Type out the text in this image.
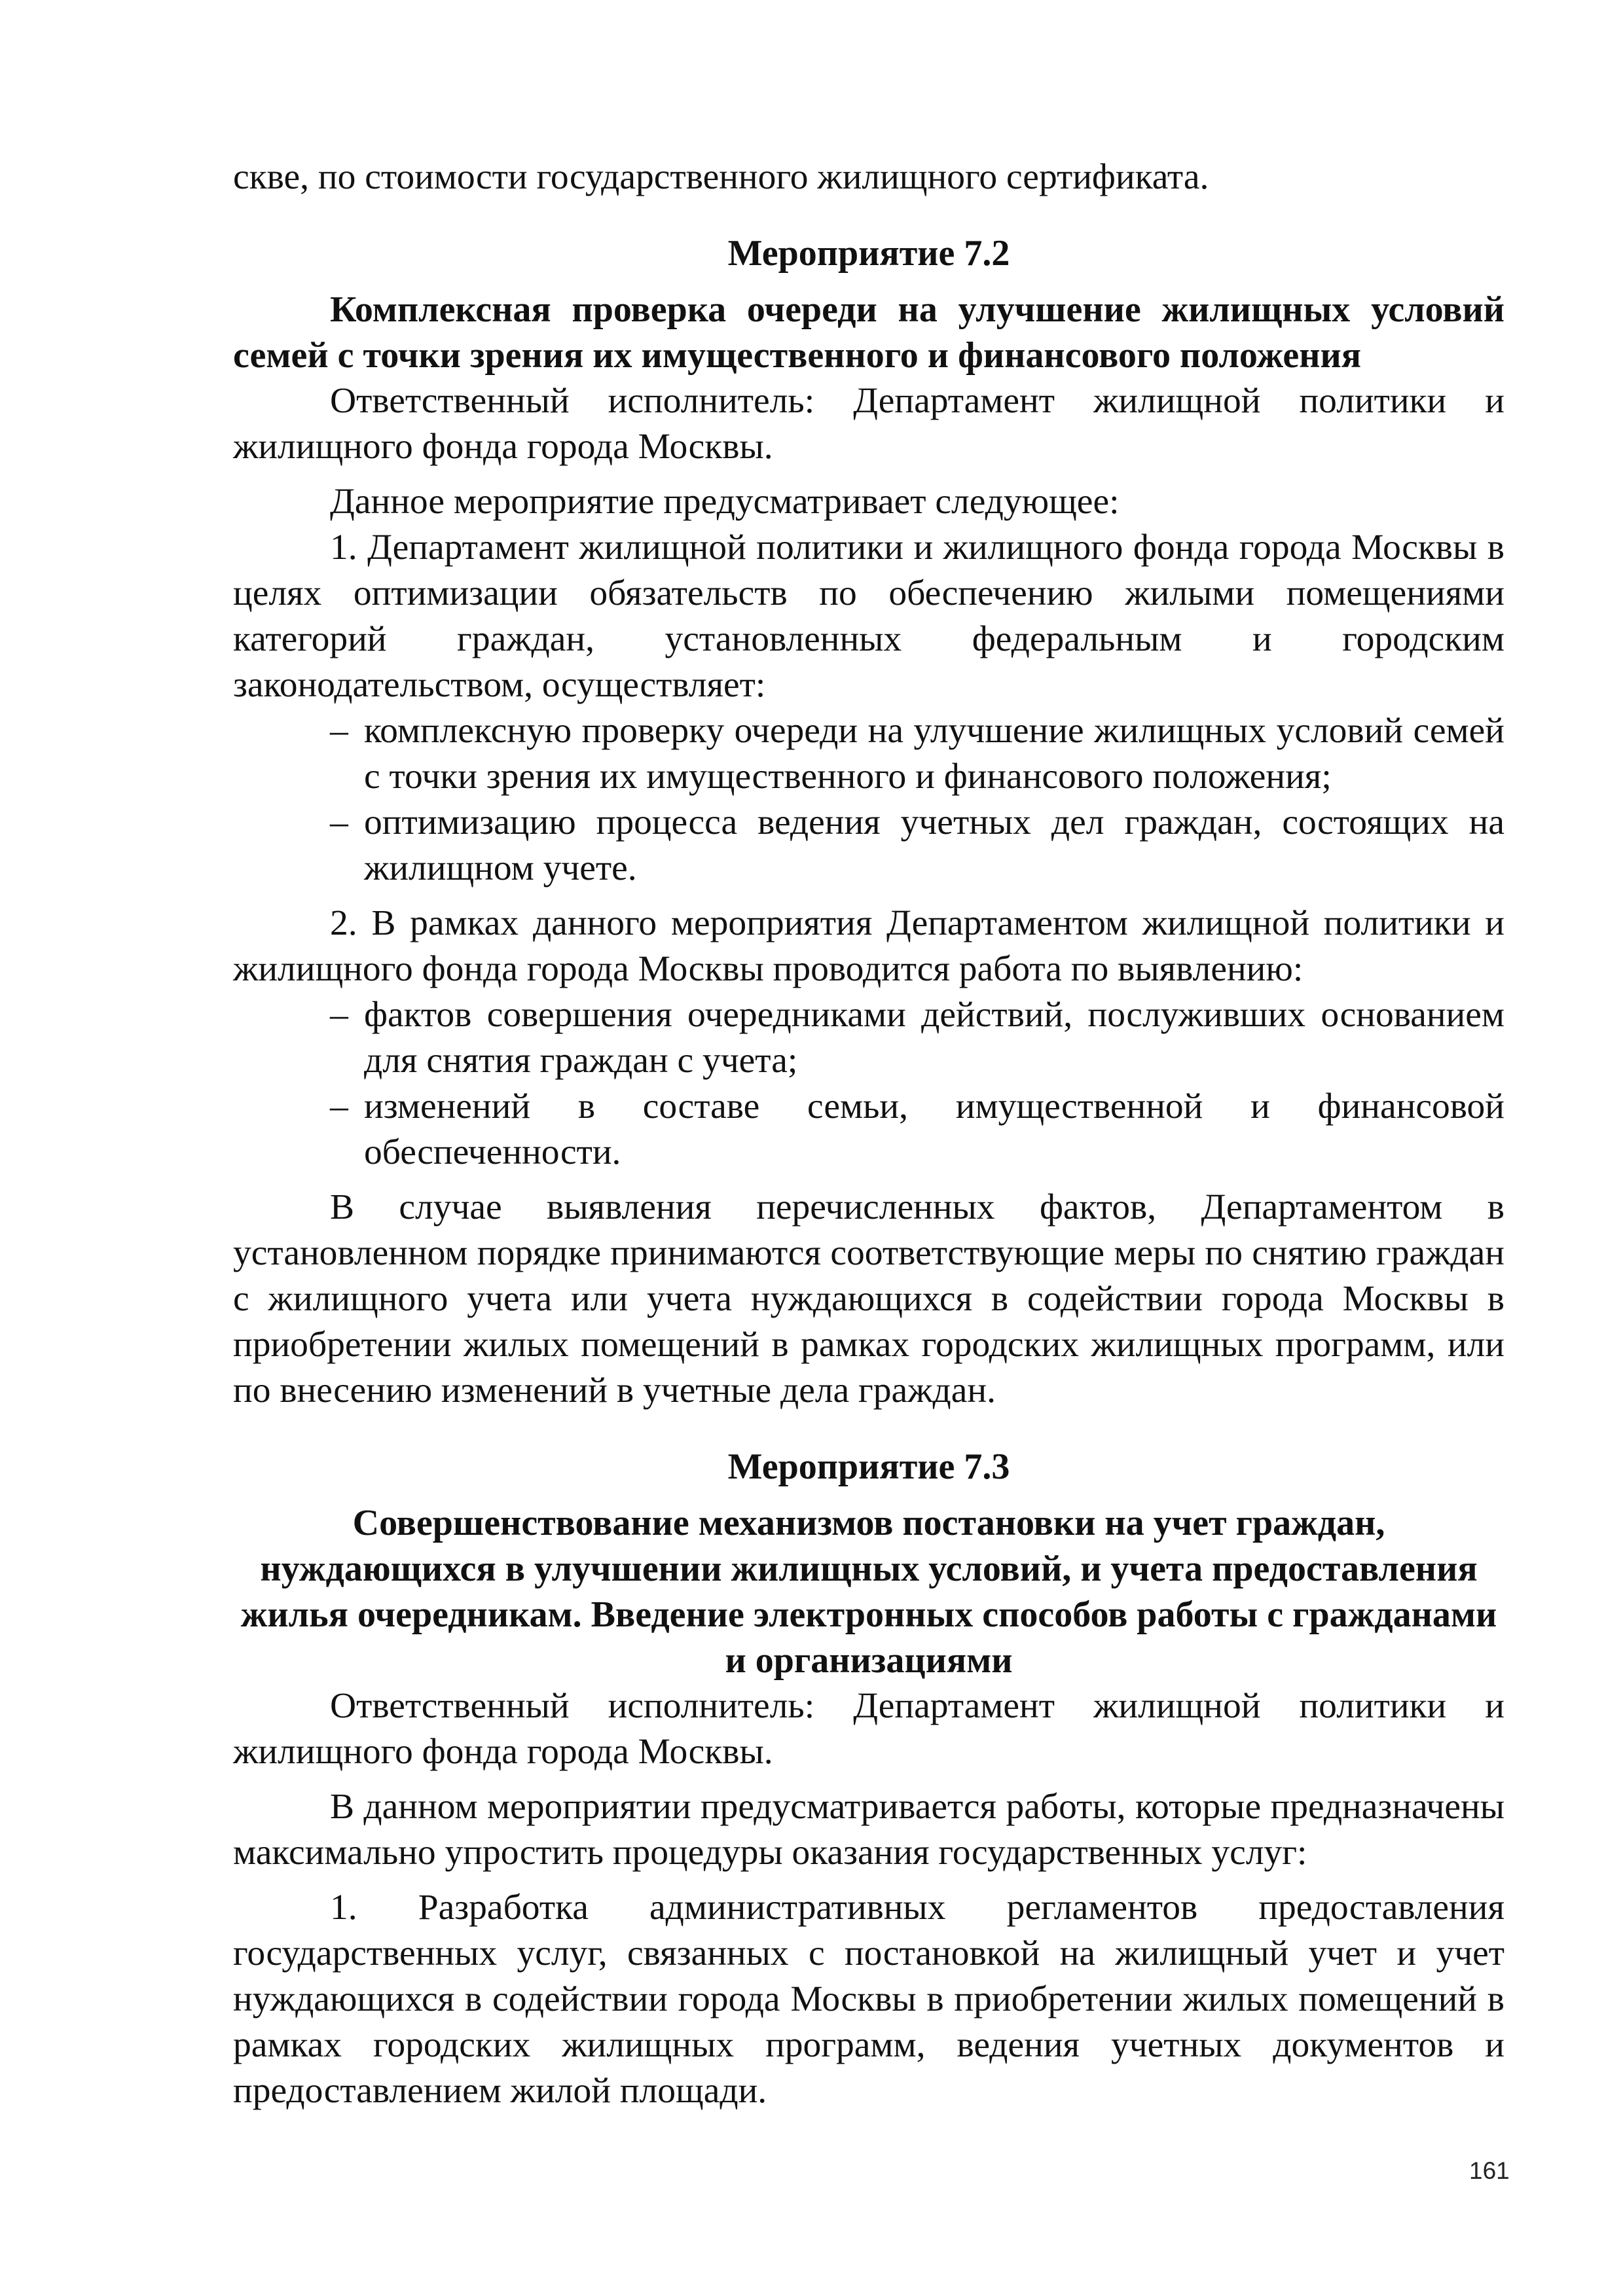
скве, по стоимости государственного жилищного сертификата.

Мероприятие 7.2
Комплексная проверка очереди на улучшение жилищных условий семей с точки зрения их имущественного и финансового положения

Ответственный исполнитель: Департамент жилищной политики и жилищного фонда города Москвы.

Данное мероприятие предусматривает следующее:

1. Департамент жилищной политики и жилищного фонда города Москвы в целях оптимизации обязательств по обеспечению жилыми помещениями категорий граждан, установленных федеральным и городским законодательством, осуществляет:

– комплексную проверку очереди на улучшение жилищных условий семей с точки зрения их имущественного и финансового положения;
– оптимизацию процесса ведения учетных дел граждан, состоящих на жилищном учете.

2. В рамках данного мероприятия Департаментом жилищной политики и жилищного фонда города Москвы проводится работа по выявлению:

– фактов совершения очередниками действий, послуживших основанием для снятия граждан с учета;
– изменений в составе семьи, имущественной и финансовой обеспеченности.

В случае выявления перечисленных фактов, Департаментом в установленном порядке принимаются соответствующие меры по снятию граждан с жилищного учета или учета нуждающихся в содействии города Москвы в приобретении жилых помещений в рамках городских жилищных программ, или по внесению изменений в учетные дела граждан.

Мероприятие 7.3
Совершенствование механизмов постановки на учет граждан, нуждающихся в улучшении жилищных условий, и учета предоставления жилья очередникам. Введение электронных способов работы с гражданами и организациями

Ответственный исполнитель: Департамент жилищной политики и жилищного фонда города Москвы.

В данном мероприятии предусматривается работы, которые предназначены максимально упростить процедуры оказания государственных услуг:

1. Разработка административных регламентов предоставления государственных услуг, связанных с постановкой на жилищный учет и учет нуждающихся в содействии города Москвы в приобретении жилых помещений в рамках городских жилищных программ, ведения учетных документов и предоставлением жилой площади.

161
